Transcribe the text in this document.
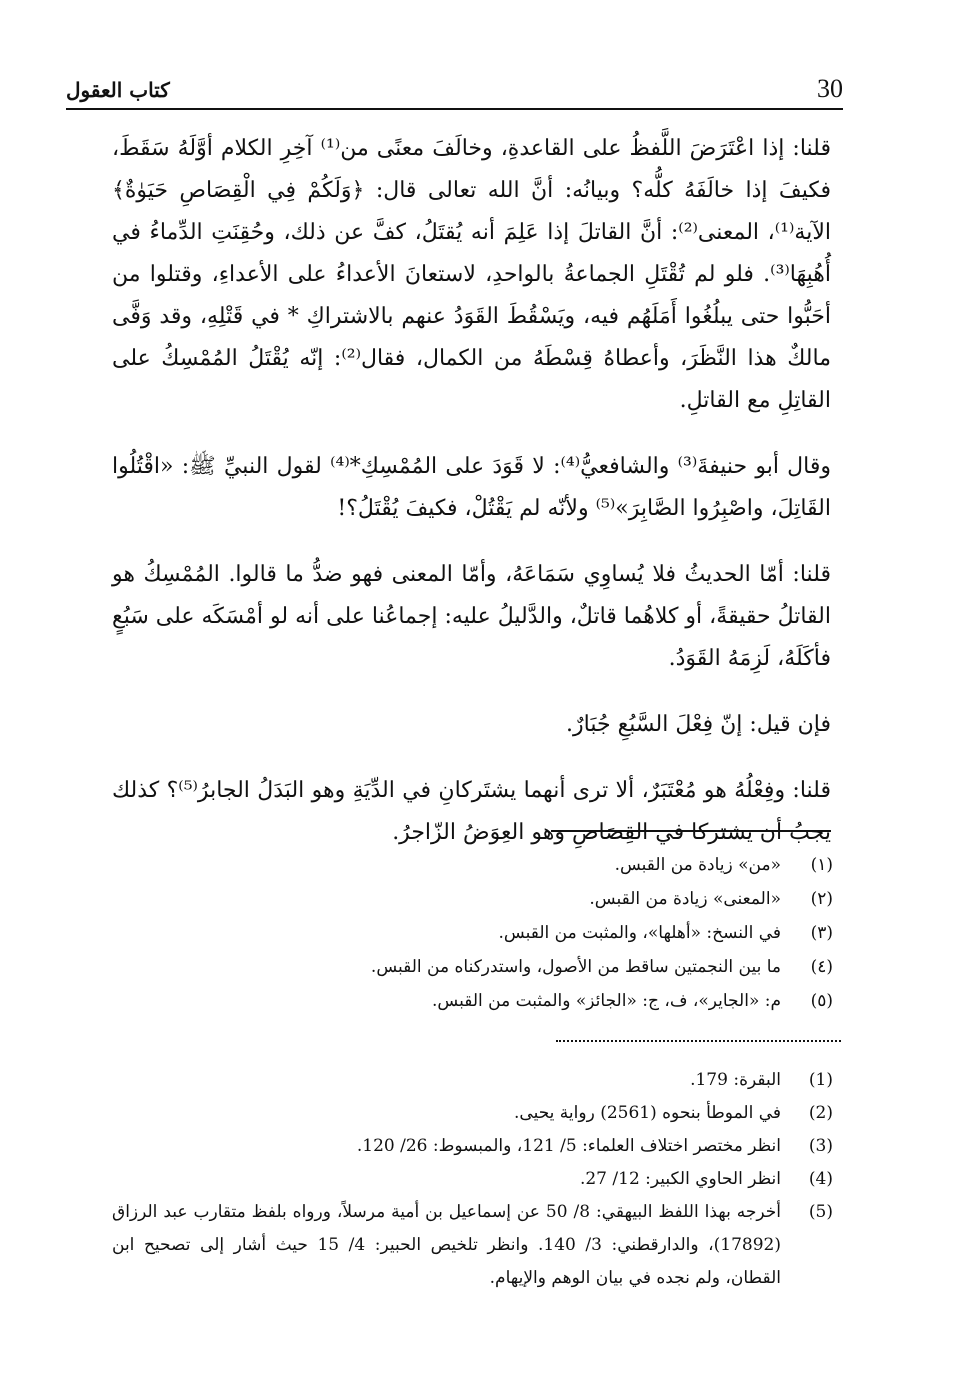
30
كتاب العقول

قلنا: إذا اعْتَرَضَ اللَّفظُ على القاعدةِ، وخالَفَ معنًى من⁽¹⁾ آخِرِ الكلام أوَّلَهُ سَقَطَ، فكيفَ إذا خالَفَهُ كلُّه؟ وبيانُه: أنَّ الله تعالى قال: ﴿وَلَكُمْ فِي الْقِصَاصِ حَيَوٰةٌ﴾ الآية⁽¹⁾، المعنى⁽²⁾: أنَّ القاتلَ إذا عَلِمَ أنه يُقتَلُ، كفَّ عن ذلك، وحُقِنَتِ الدِّماءُ في أُهُبِهَا⁽³⁾. فلو لم تُقْتَلِ الجماعةُ بالواحدِ، لاستعانَ الأعداءُ على الأعداءِ، وقتلوا من أحَبُّوا حتى يبلُغُوا أَمَلَهُم فيه، ويَسْقُطَ القَوَدُ عنهم بالاشتراكِ * في قَتْلِهِ، وقد وَفَّى مالكٌ هذا النَّظَرَ، وأعطاهُ قِسْطَهُ من الكمال، فقال⁽²⁾: إنّه يُقْتَلُ المُمْسِكُ على القاتِلِ مع القاتلِ.

وقال أبو حنيفةَ⁽³⁾ والشافعيُّ⁽⁴⁾: لا قَوَدَ على المُمْسِكِ*⁽⁴⁾ لقول النبيِّ ﷺ: «اقْتُلُوا القَاتِلَ، واصْبِرُوا الصَّابِرَ»⁽⁵⁾ ولأنّه لم يَقْتُلْ، فكيفَ يُقْتَلُ؟!

قلنا: أمّا الحديثُ فلا يُساوِي سَمَاعَهُ، وأمّا المعنى فهو ضدُّ ما قالوا. المُمْسِكُ هو القاتلُ حقيقةً، أو كلاهُما قاتلٌ، والدَّليلُ عليه: إجماعُنا على أنه لو أمْسَكَه على سَبُعٍ فأكَلَهُ، لَزِمَهُ القَوَدُ.

فإن قيل: إنّ فِعْلَ السَّبُعِ جُبَارٌ.

قلنا: وفِعْلُهُ هو مُعْتَبَرٌ، ألا ترى أنهما يشتَركانِ في الدِّيَةِ وهو البَدَلُ الجابرُ⁽⁵⁾؟ كذلك يجبُ أن يشتركا في القِصَاصِ وهو العِوَضُ الزّاجرُ.

(١)
«من» زيادة من القبس.
(٢)
«المعنى» زيادة من القبس.
(٣)
في النسخ: «أهلها»، والمثبت من القبس.
(٤)
ما بين النجمتين ساقط من الأصول، واستدركناه من القبس.
(٥)
م: «الجاير»، ف، ج: «الجائز» والمثبت من القبس.
(1)
البقرة: 179.
(2)
في الموطأ بنحوه (2561) رواية يحيى.
(3)
انظر مختصر اختلاف العلماء: 5/ 121، والمبسوط: 26/ 120.
(4)
انظر الحاوي الكبير: 12/ 27.
(5)
أخرجه بهذا اللفظ البيهقي: 8/ 50 عن إسماعيل بن أمية مرسلاً، ورواه بلفظ متقارب عبد الرزاق (17892)، والدارقطني: 3/ 140. وانظر تلخيص الحبير: 4/ 15 حيث أشار إلى تصحيح ابن القطان، ولم نجده في بيان الوهم والإيهام.
